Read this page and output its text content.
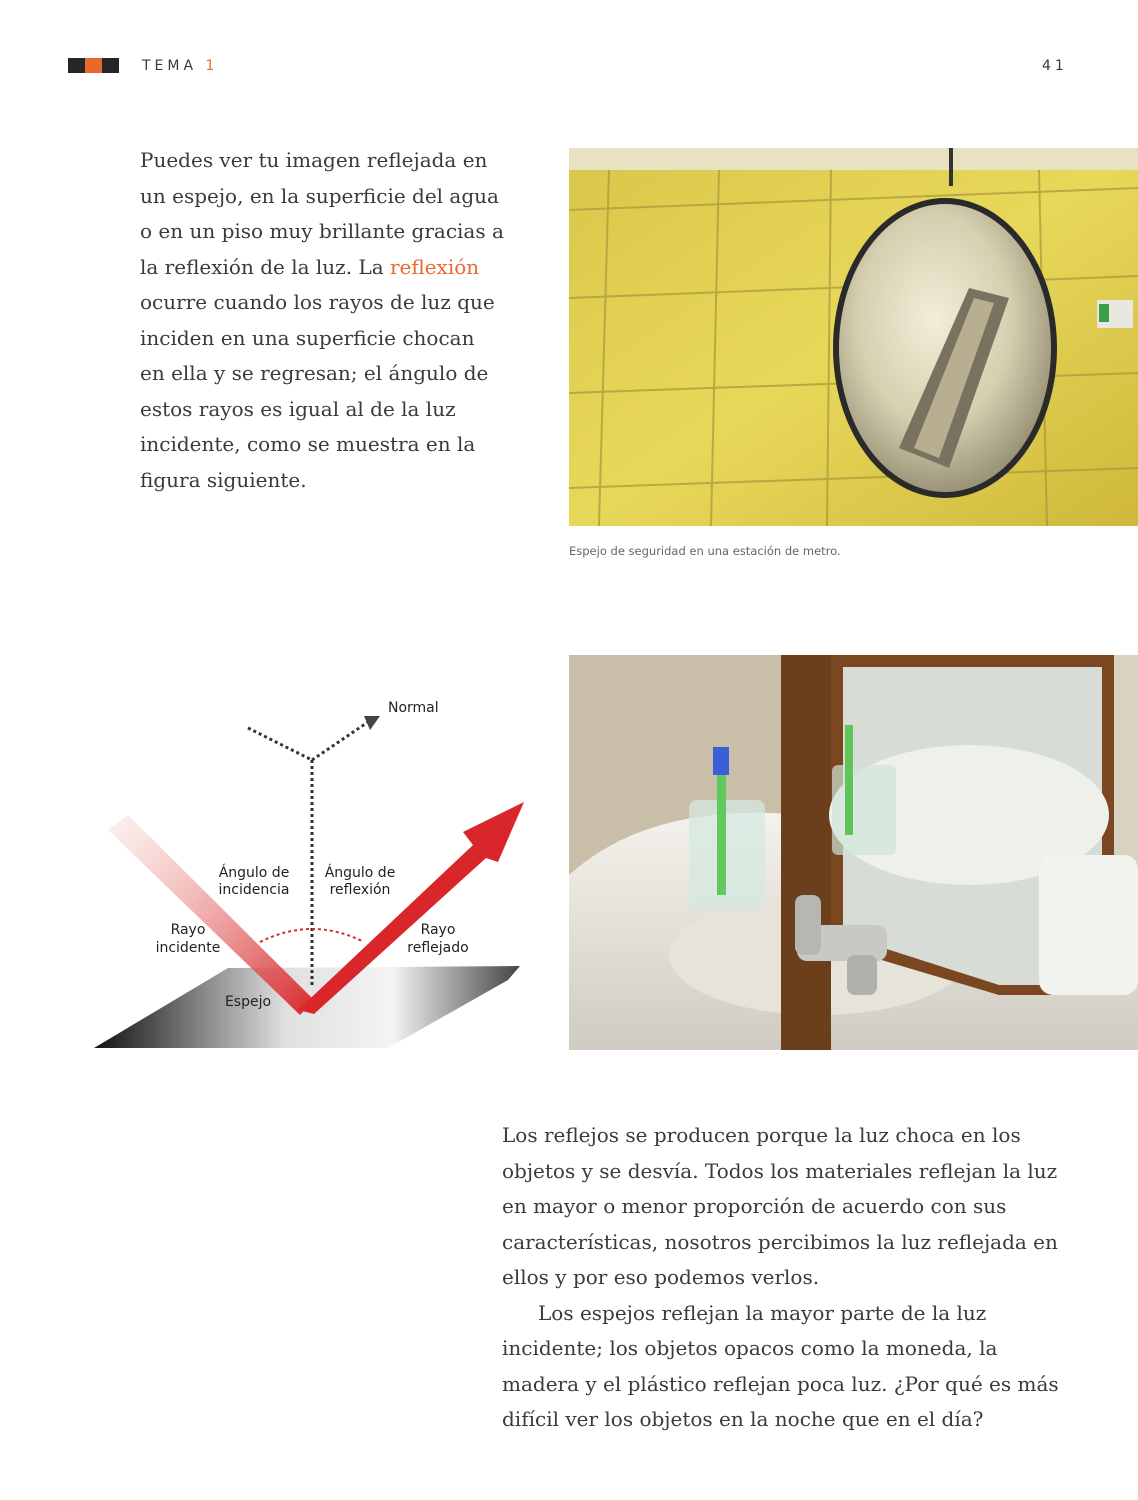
TEMA 1	41

Puedes ver tu imagen reflejada en un espejo, en la superficie del agua o en un piso muy brillante gracias a la reflexión de la luz. La reflexión ocurre cuando los rayos de luz que inciden en una superficie chocan en ella y se regresan; el ángulo de estos rayos es igual al de la luz incidente, como se muestra en la figura siguiente.

Espejo de seguridad en una estación de metro.
Normal
Ángulo de
incidencia
Ángulo de
reflexión
Rayo
incidente
Rayo
reflejado
Espejo

Los reflejos se producen porque la luz choca en los objetos y se desvía. Todos los materiales reflejan la luz en mayor o menor proporción de acuerdo con sus características, nosotros percibimos la luz reflejada en ellos y por eso podemos verlos.

Los espejos reflejan la mayor parte de la luz incidente; los objetos opacos como la moneda, la madera y el plástico reflejan poca luz. ¿Por qué es más difícil ver los objetos en la noche que en el día?
